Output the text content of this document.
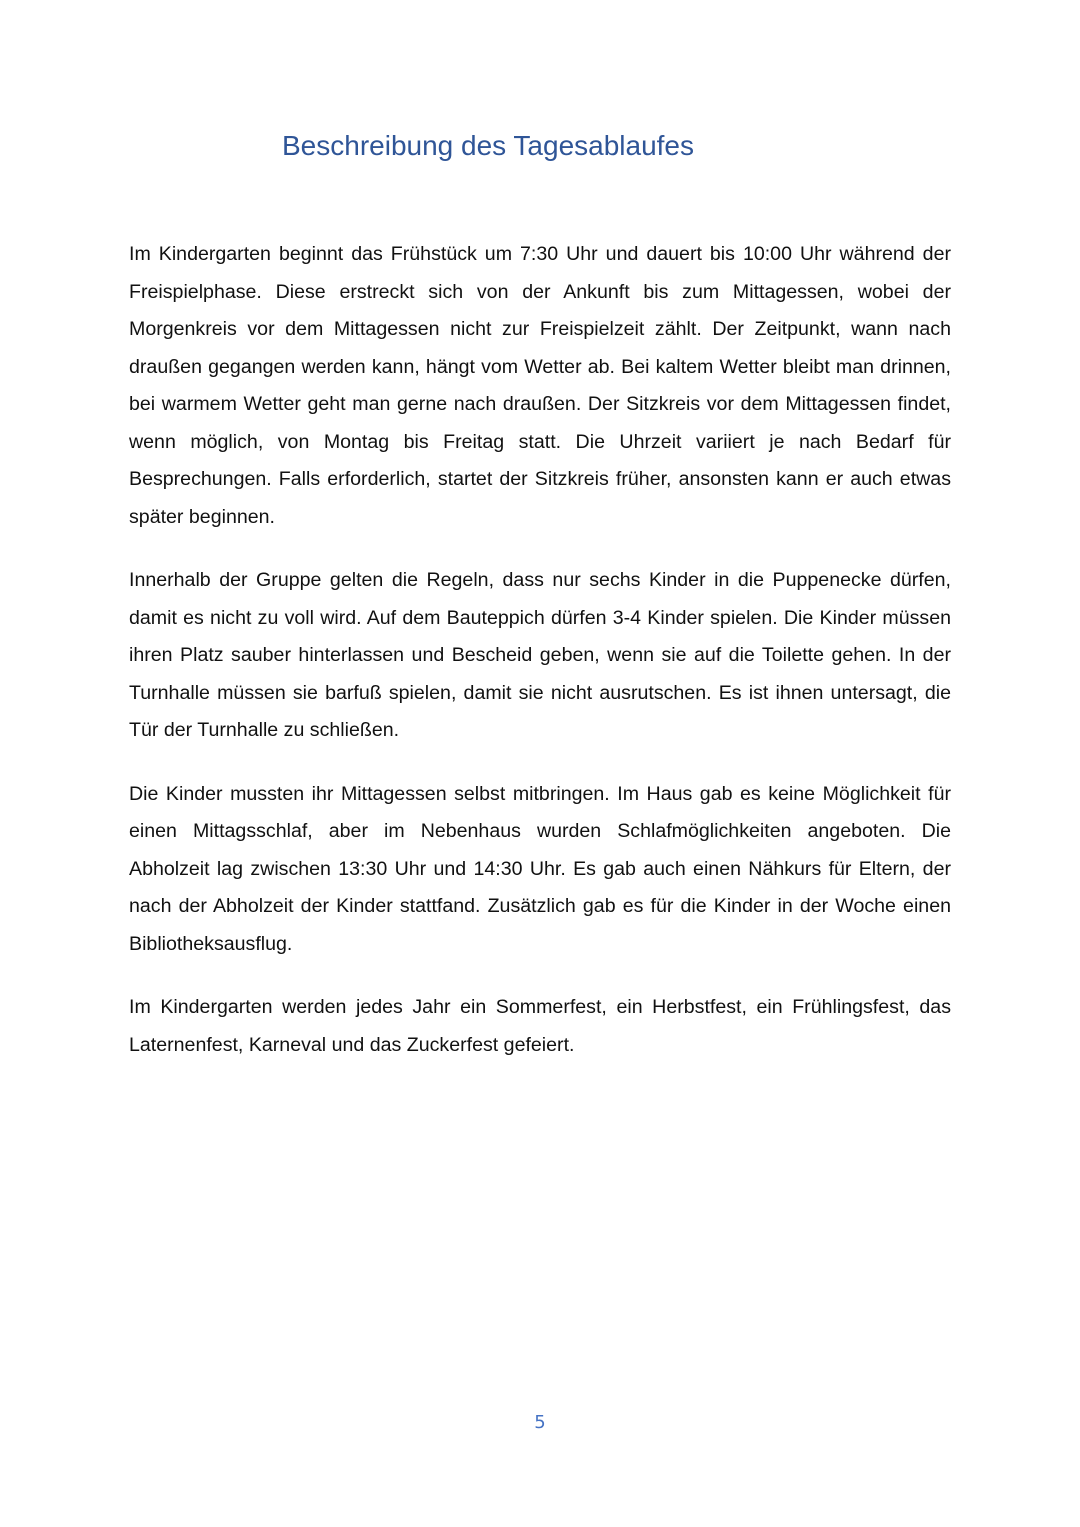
Beschreibung des Tagesablaufes

Im Kindergarten beginnt das Frühstück um 7:30 Uhr und dauert bis 10:00 Uhr während der Freispielphase. Diese erstreckt sich von der Ankunft bis zum Mittagessen, wobei der Morgenkreis vor dem Mittagessen nicht zur Freispielzeit zählt. Der Zeitpunkt, wann nach draußen gegangen werden kann, hängt vom Wetter ab. Bei kaltem Wetter bleibt man drinnen, bei warmem Wetter geht man gerne nach draußen. Der Sitzkreis vor dem Mittagessen findet, wenn möglich, von Montag bis Freitag statt. Die Uhrzeit variiert je nach Bedarf für Besprechungen. Falls erforderlich, startet der Sitzkreis früher, ansonsten kann er auch etwas später beginnen.

Innerhalb der Gruppe gelten die Regeln, dass nur sechs Kinder in die Puppenecke dürfen, damit es nicht zu voll wird. Auf dem Bauteppich dürfen 3-4 Kinder spielen. Die Kinder müssen ihren Platz sauber hinterlassen und Bescheid geben, wenn sie auf die Toilette gehen. In der Turnhalle müssen sie barfuß spielen, damit sie nicht ausrutschen. Es ist ihnen untersagt, die Tür der Turnhalle zu schließen.

Die Kinder mussten ihr Mittagessen selbst mitbringen. Im Haus gab es keine Möglichkeit für einen Mittagsschlaf, aber im Nebenhaus wurden Schlafmöglichkeiten angeboten. Die Abholzeit lag zwischen 13:30 Uhr und 14:30 Uhr. Es gab auch einen Nähkurs für Eltern, der nach der Abholzeit der Kinder stattfand. Zusätzlich gab es für die Kinder in der Woche einen Bibliotheksausflug.

Im Kindergarten werden jedes Jahr ein Sommerfest, ein Herbstfest, ein Frühlingsfest, das Laternenfest, Karneval und das Zuckerfest gefeiert.

5
